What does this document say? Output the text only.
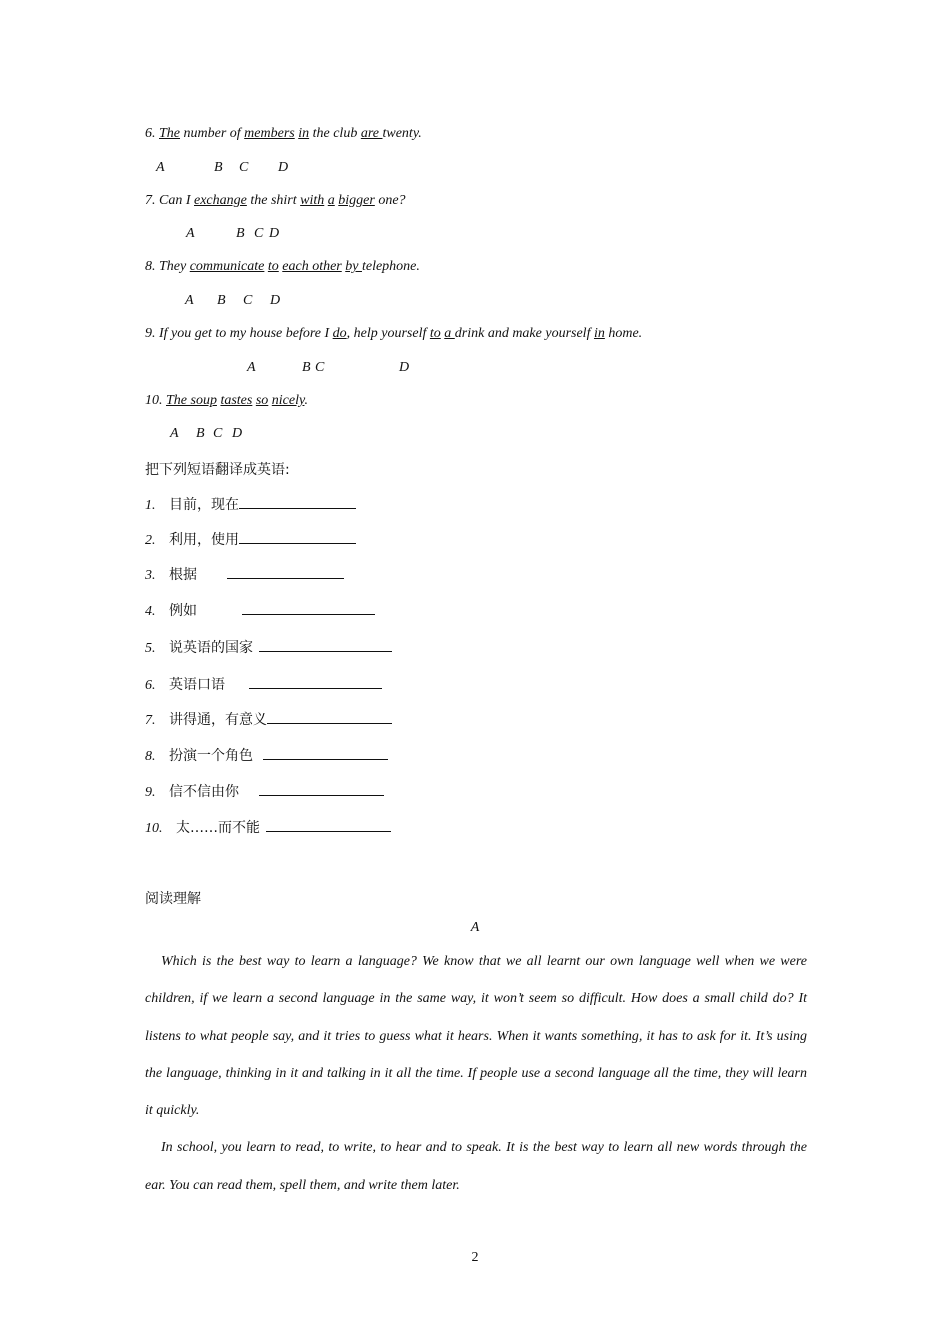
6. The number of members in the club are twenty.
A	B C D
7. Can I exchange the shirt with a bigger one?
A	B C D
8. They communicate to each other by telephone.
A B C D
9. If you get to my house before I do, help yourself to a drink and make yourself in home.
A	B C	D
10. The soup tastes so nicely.
A B C D
把下列短语翻译成英语:
1. 目前，现在
2. 利用，使用
3. 根据
4. 例如
5. 说英语的国家
6. 英语口语
7. 讲得通，有意义
8. 扮演一个角色
9. 信不信由你
10. 太……而不能
阅读理解
A

Which is the best way to learn a language? We know that we all learnt our own language well when we were children, if we learn a second language in the same way, it won’t seem so difficult. How does a small child do? It listens to what people say, and it tries to guess what it hears. When it wants something, it has to ask for it. It’s using the language, thinking in it and talking in it all the time. If people use a second language all the time, they will learn it quickly.

In school, you learn to read, to write, to hear and to speak. It is the best way to learn all new words through the ear. You can read them, spell them, and write them later.

2
